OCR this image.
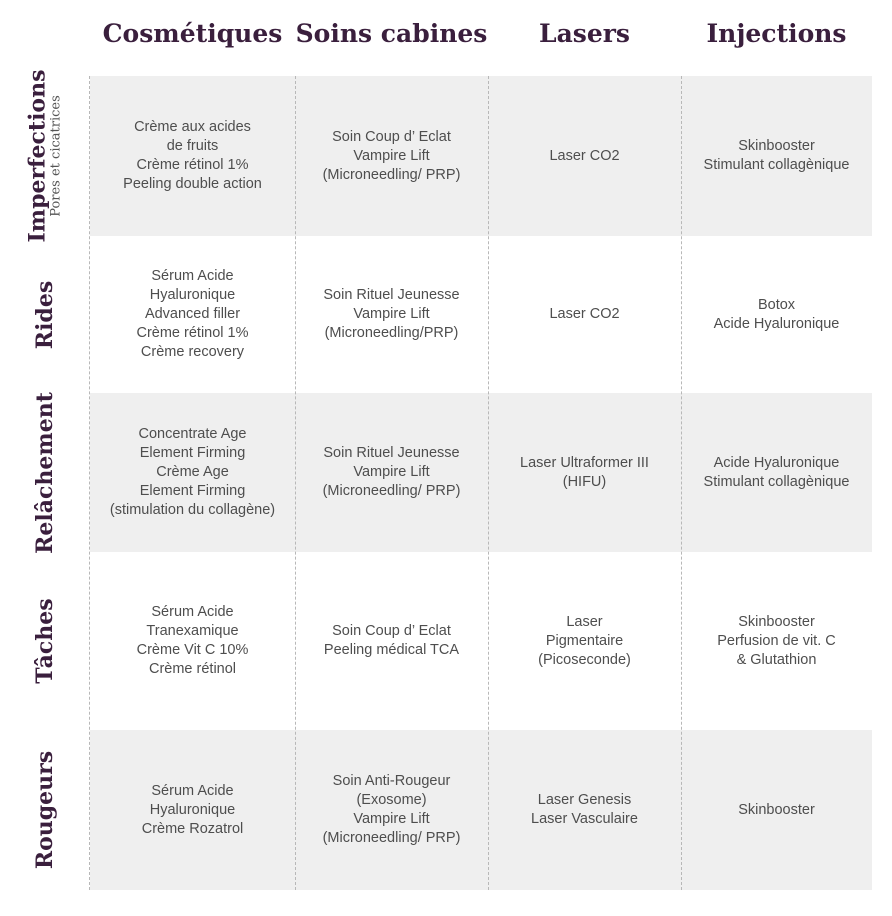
Cosmétiques Soins cabines	Lasers	Injections
Imperfections
Pores et cicatrices
Rides
Relâchement
Tâches
Rougeurs
Crème aux acides
de fruits
Crème rétinol 1%
Peeling double action
Soin Coup d’ Eclat
Vampire Lift
(Microneedling/ PRP)
Laser CO2
Skinbooster
Stimulant collagènique
Sérum Acide
Hyaluronique
Advanced filler
Crème rétinol 1%
Crème recovery
Soin Rituel Jeunesse
Vampire Lift
(Microneedling/PRP)
Laser CO2
Botox
Acide Hyaluronique
Concentrate Age
Element Firming
Crème Age
Element Firming
(stimulation du collagène)
Soin Rituel Jeunesse
Vampire Lift
(Microneedling/ PRP)
Laser Ultraformer III
(HIFU)
Acide Hyaluronique
Stimulant collagènique
Sérum Acide
Tranexamique
Crème Vit C 10%
Crème rétinol
Soin Coup d’ Eclat
Peeling médical TCA
Laser
Pigmentaire
(Picoseconde)
Skinbooster
Perfusion de vit. C
& Glutathion
Sérum Acide
Hyaluronique
Crème Rozatrol
Soin Anti-Rougeur
(Exosome)
Vampire Lift
(Microneedling/ PRP)
Laser Genesis
Laser Vasculaire
Skinbooster
